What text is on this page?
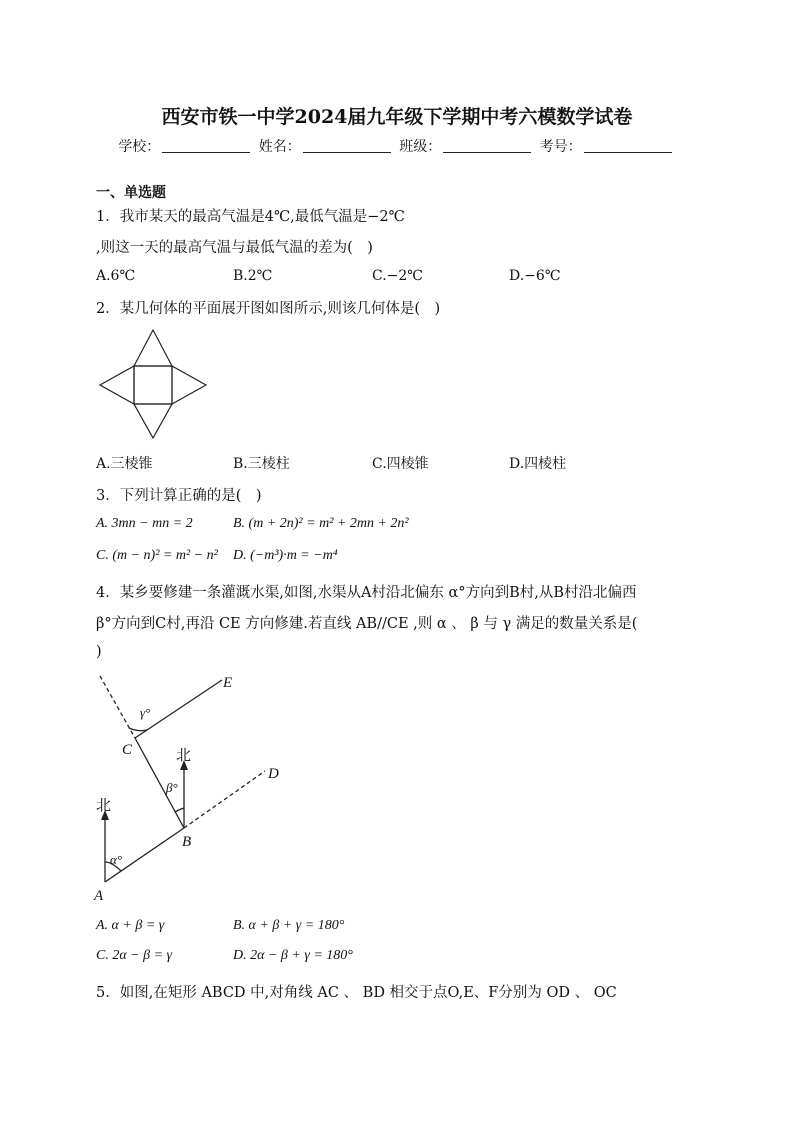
西安市铁一中学2024届九年级下学期中考六模数学试卷
学校：	姓名：	班级：	考号：
一、单选题
1．我市某天的最高气温是4℃,最低气温是−2℃
,则这一天的最高气温与最低气温的差为(　)
A.6℃	B.2℃	C.−2℃	D.−6℃
2．某几何体的平面展开图如图所示,则该几何体是(　)
A.三棱锥	B.三棱柱	C.四棱锥	D.四棱柱
3．下列计算正确的是(　)
A. 3mn − mn = 2	B. (m + 2n)² = m² + 2mn + 2n²
C. (m − n)² = m² − n² D. (−m³)·m = −m⁴
4．某乡要修建一条灌溉水渠,如图,水渠从A村沿北偏东 α°方向到B村,从B村沿北偏西
β°方向到C村,再沿 CE 方向修建.若直线 AB//CE ,则 α 、 β 与 γ 满足的数量关系是(
)
A
B
C
D
E
α°
β°
γ°
北
北
A. α + β = γ	B. α + β + γ = 180°
C. 2α − β = γ	D. 2α − β + γ = 180°
5．如图,在矩形 ABCD 中,对角线 AC 、 BD 相交于点O,E、F分别为 OD 、 OC
